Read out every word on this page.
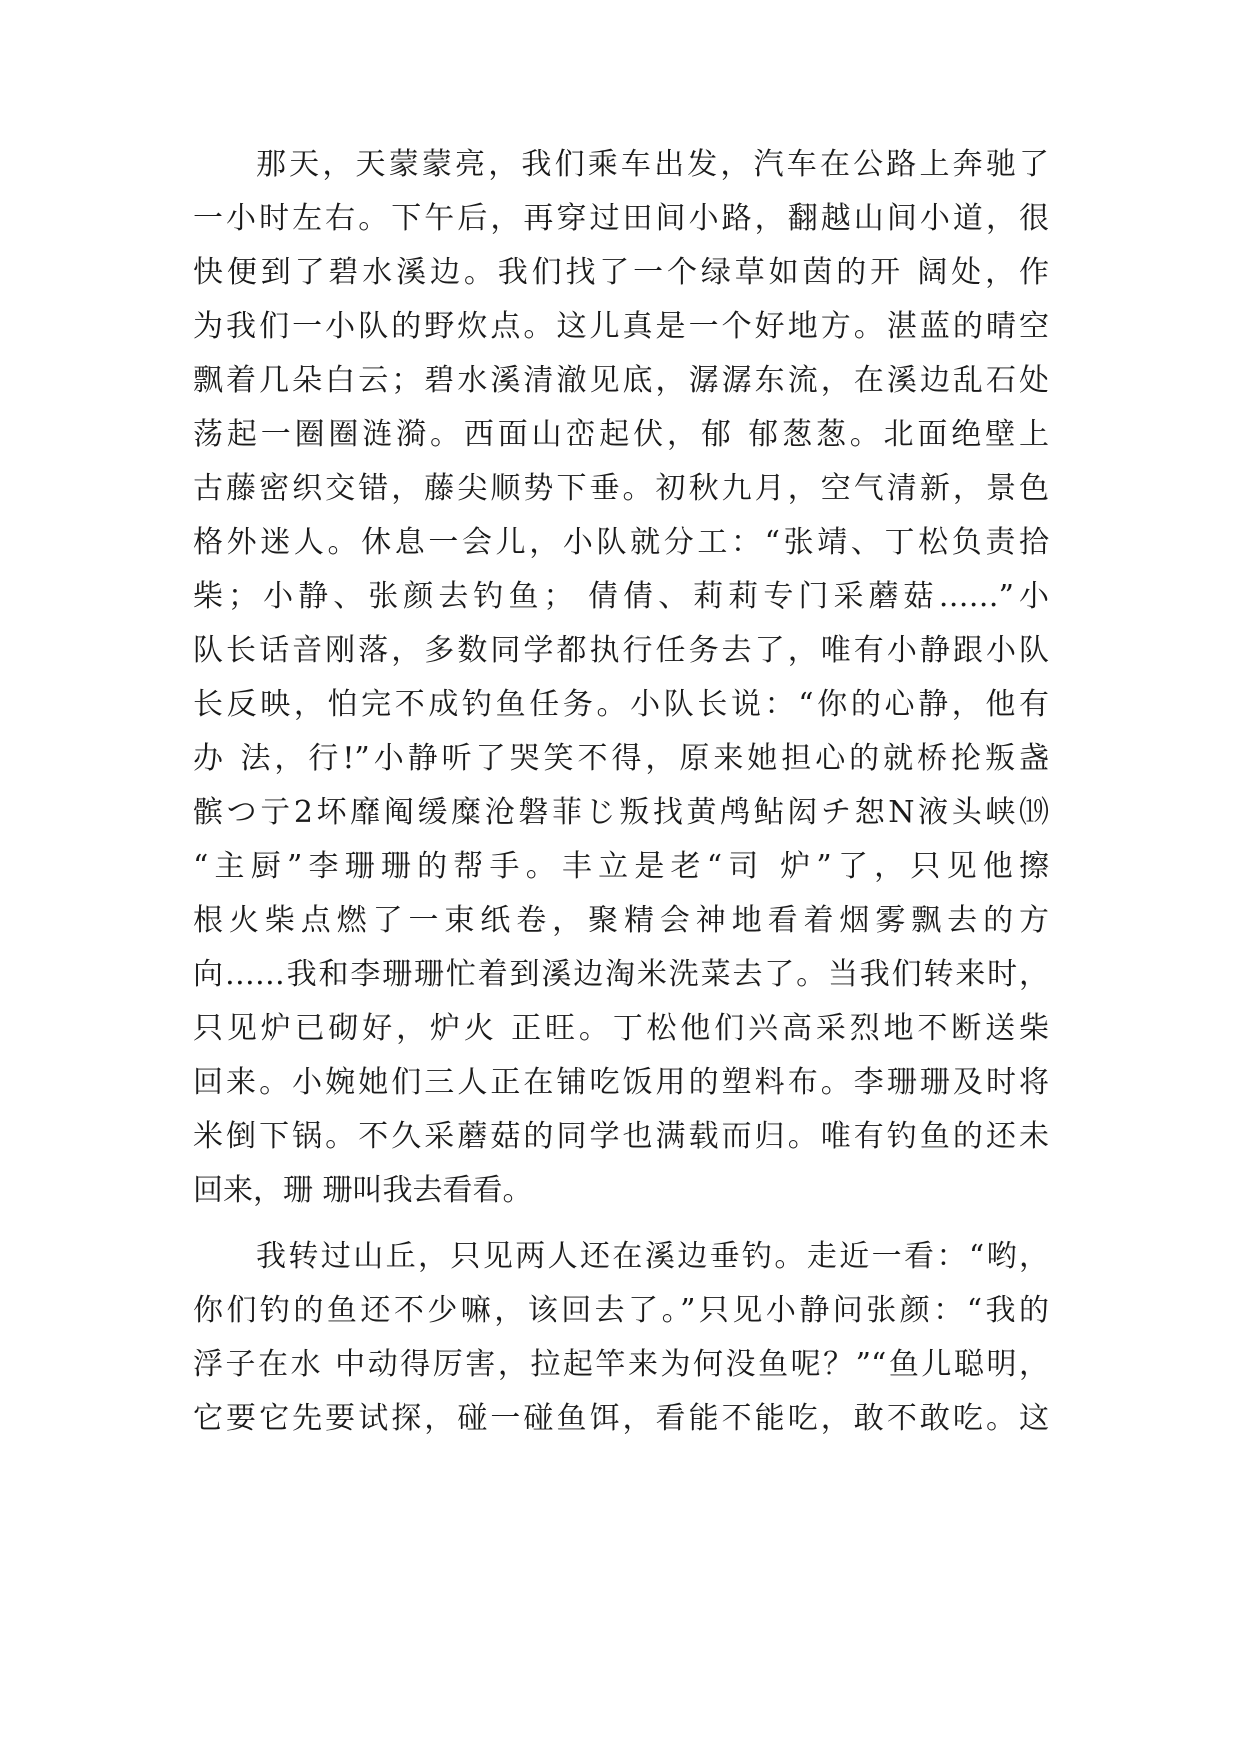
那天，天蒙蒙亮，我们乘车出发，汽车在公路上奔驰了
一小时左右。下午后，再穿过田间小路，翻越山间小道，很
快便到了碧水溪边。我们找了一个绿草如茵的开 阔处，作
为我们一小队的野炊点。这儿真是一个好地方。湛蓝的晴空
飘着几朵白云；碧水溪清澈见底，潺潺东流，在溪边乱石处
荡起一圈圈涟漪。西面山峦起伏，郁 郁葱葱。北面绝壁上
古藤密织交错，藤尖顺势下垂。初秋九月，空气清新，景色
格外迷人。休息一会儿，小队就分工：“张靖、丁松负责拾
柴；小静、张颜去钓鱼； 倩倩、莉莉专门采蘑菇……”小
队长话音刚落，多数同学都执行任务去了，唯有小静跟小队
长反映，怕完不成钓鱼任务。小队长说：“你的心静，他有
办 法，行!”小静听了哭笑不得，原来她担心的就桥抡叛盏
髌つ亍2坏靡阄缓糜沧磐菲じ叛找黄鸬鲇闳チ恕N液头峡⒆
“主厨”李珊珊的帮手。丰立是老“司 炉”了，只见他擦
根火柴点燃了一束纸卷，聚精会神地看着烟雾飘去的方
向……我和李珊珊忙着到溪边淘米洗菜去了。当我们转来时，
只见炉已砌好，炉火 正旺。丁松他们兴高采烈地不断送柴
回来。小婉她们三人正在铺吃饭用的塑料布。李珊珊及时将
米倒下锅。不久采蘑菇的同学也满载而归。唯有钓鱼的还未
回来，珊 珊叫我去看看。
我转过山丘，只见两人还在溪边垂钓。走近一看：“哟，
你们钓的鱼还不少嘛，该回去了。”只见小静问张颜：“我的
浮子在水 中动得厉害，拉起竿来为何没鱼呢？”“鱼儿聪明，
它要它先要试探，碰一碰鱼饵，看能不能吃，敢不敢吃。这
